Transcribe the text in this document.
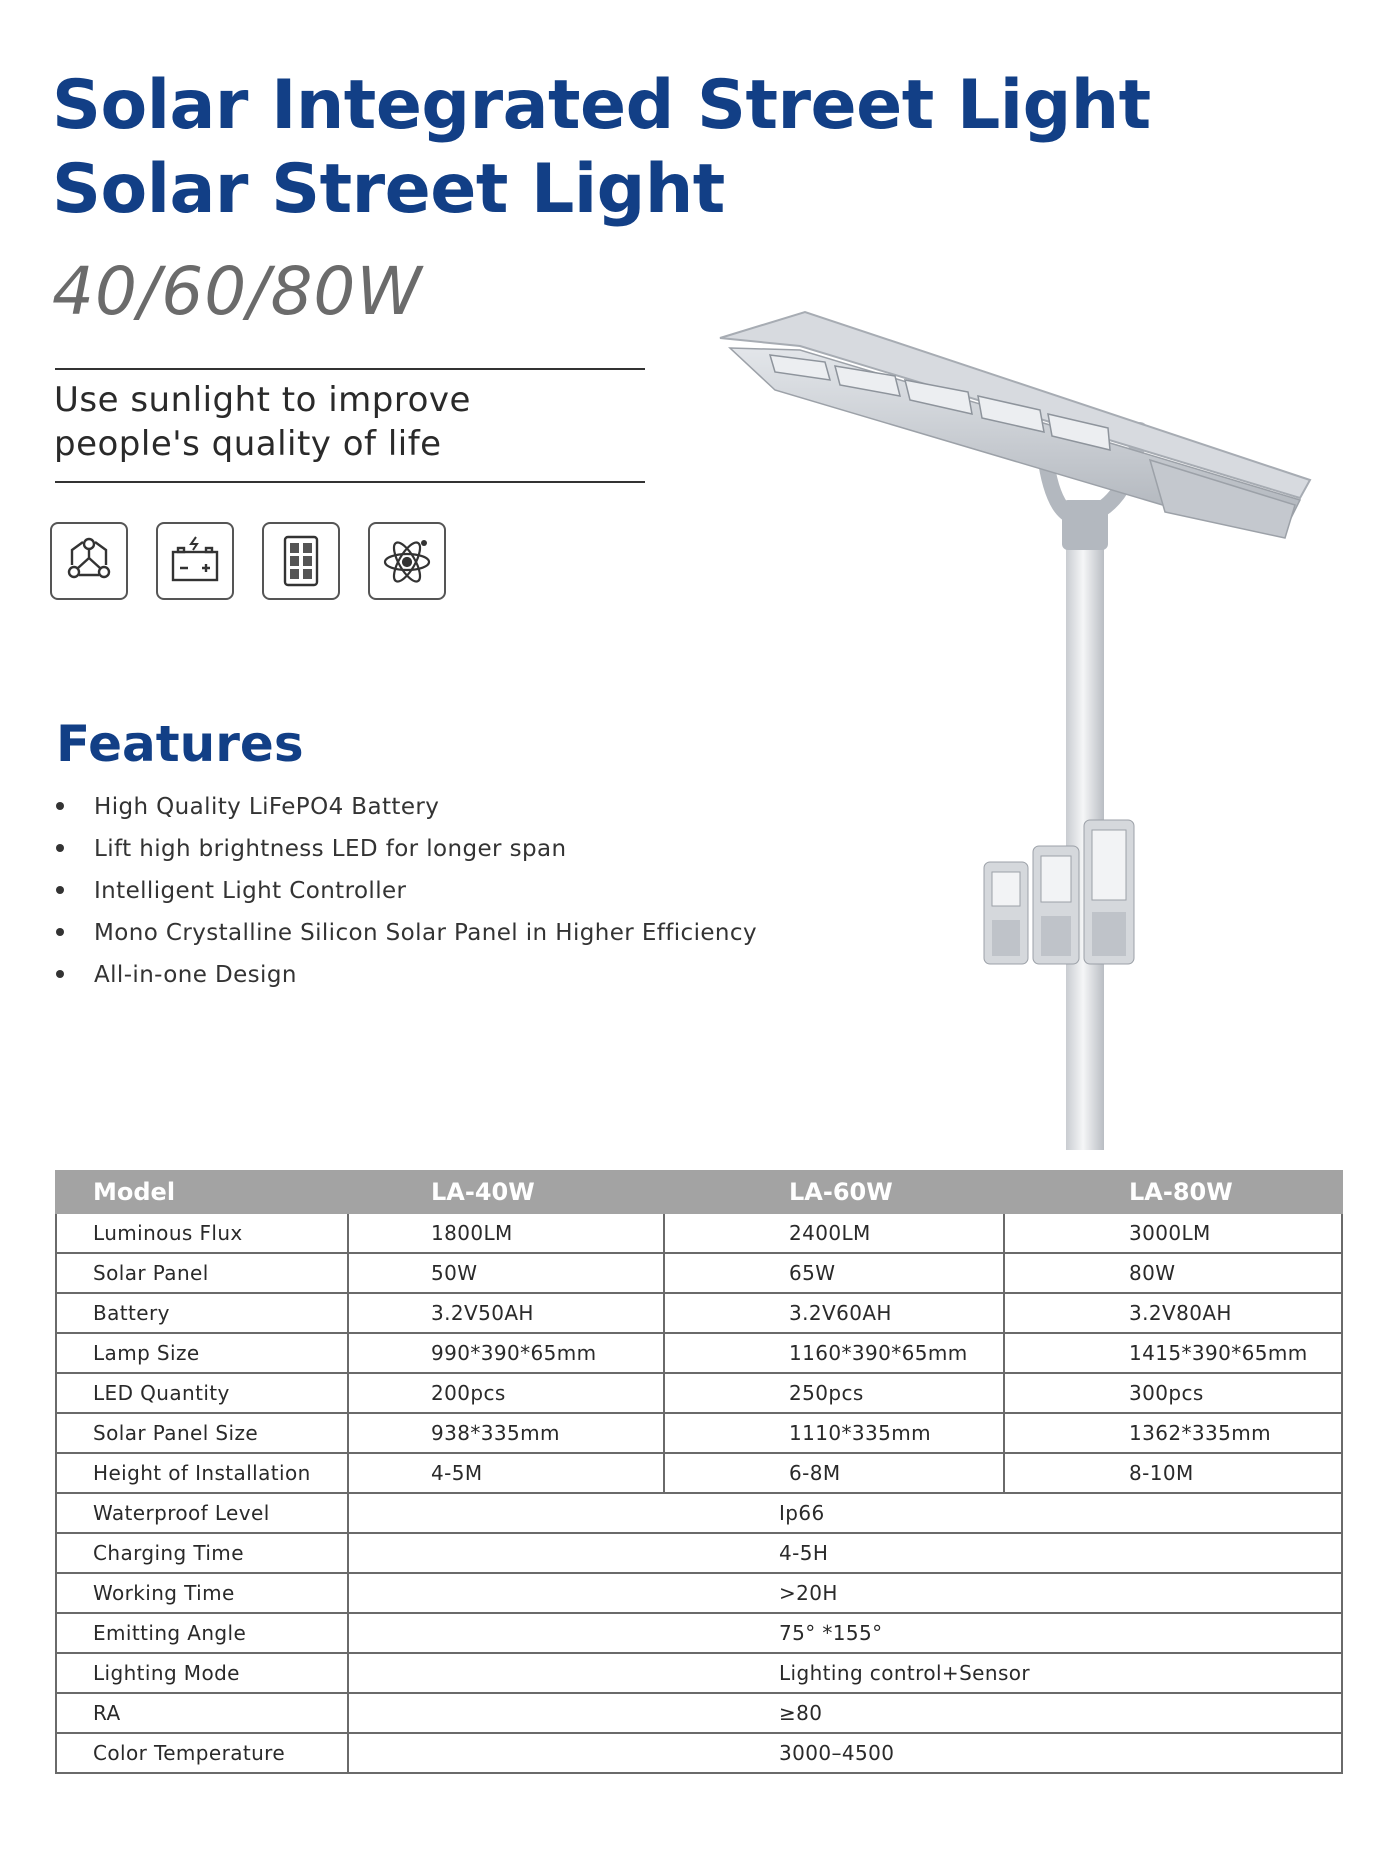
Solar Integrated Street Light
Solar Street Light
40/60/80W
Use sunlight to improve
people's quality of life
Features
High Quality LiFePO4 Battery
Lift high brightness LED for longer span
Intelligent Light Controller
Mono Crystalline Silicon Solar Panel in Higher Efficiency
All-in-one Design
Model	LA-40W	LA-60W	LA-80W
Luminous Flux	1800LM	2400LM	3000LM
Solar Panel	50W	65W	80W
Battery	3.2V50AH	3.2V60AH	3.2V80AH
Lamp Size	990*390*65mm	1160*390*65mm	1415*390*65mm
LED Quantity	200pcs	250pcs	300pcs
Solar Panel Size	938*335mm	1110*335mm	1362*335mm
Height of Installation	4-5M	6-8M	8-10M
Waterproof Level	Ip66		
Charging Time	4-5H		
Working Time	>20H		
Emitting Angle	75° *155°		
Lighting Mode	Lighting control+Sensor		
RA	≥80		
Color Temperature	3000–4500		
